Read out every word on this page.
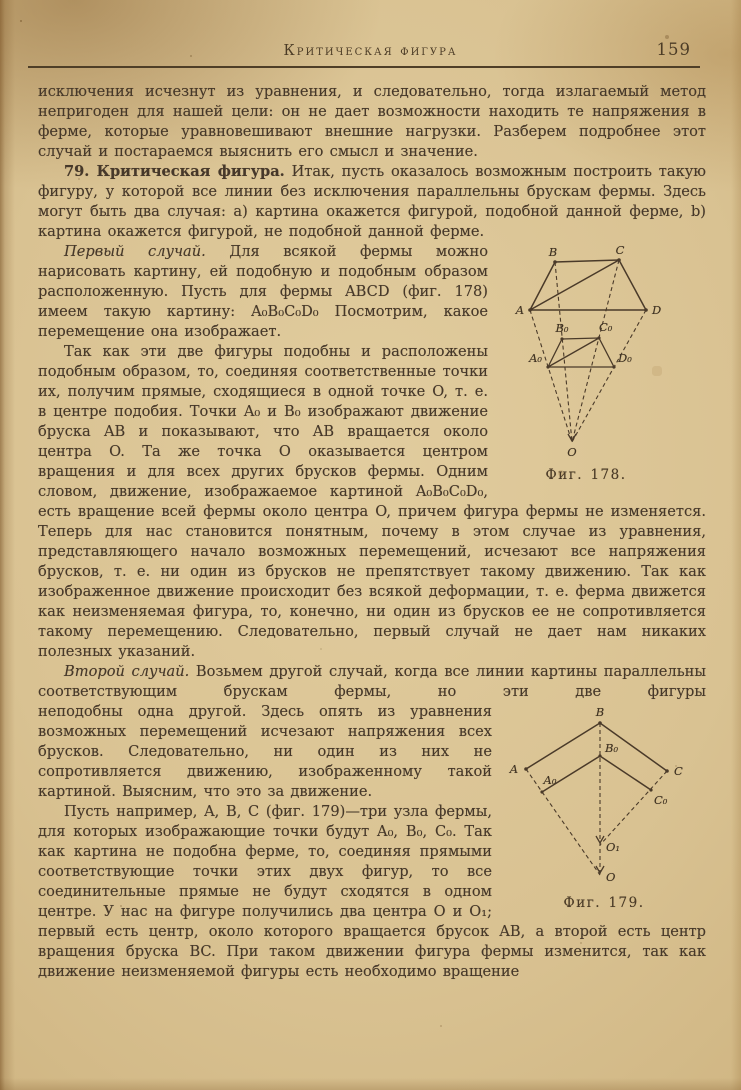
Критическая фигура	159

исключения исчезнут из уравнения, и следовательно, тогда излагаемый метод непригоден для нашей цели: он не дает возможности находить те напряжения в ферме, которые уравновешивают внешние нагрузки. Разберем подробнее этот случай и постараемся выяснить его смысл и значение.

79. Критическая фигура. Итак, пусть оказалось возможным построить такую фигуру, у которой все линии без исключения параллельны брускам фермы. Здесь могут быть два случая: a) картина окажется фигурой, подобной данной ферме, b) картина окажется фигурой, не подобной данной ферме.

A
B	C
D
A₀
B₀	C₀
D₀
O
Фиг. 178.

Первый случай. Для всякой фермы можно нарисовать картину, ей подобную и подобным образом расположенную. Пусть для фермы ABCD (фиг. 178) имеем такую картину: A₀B₀C₀D₀ Посмотрим, какое перемещение она изображает.

Так как эти две фигуры подобны и расположены подобным образом, то, соединяя соответственные точки их, получим прямые, сходящиеся в одной точке O, т. е. в центре подобия. Точки A₀ и B₀ изображают движение бруска AB и показывают, что AB вращается около центра O. Та же точка O оказывается центром вращения и для всех других брусков фермы. Одним словом, движение, изображаемое картиной A₀B₀C₀D₀, есть вращение всей фермы около центра O, причем фигура фермы не изменяется. Теперь для нас становится понятным, почему в этом случае из уравнения, представляющего начало возможных перемещений, исчезают все напряжения брусков, т. е. ни один из брусков не препятствует такому движению. Так как изображенное движение происходит без всякой деформации, т. е. ферма движется как неизменяемая фигура, то, конечно, ни один из брусков ее не сопротивляется такому перемещению. Следовательно, первый случай не дает нам никаких полезных указаний.

Второй случай. Возьмем другой случай, когда все линии картины параллельны соответствующим брускам фермы, но эти две фигуры не	B
A	C
B₀
A₀
C₀
O₁
O
Фиг. 179.
подобны одна другой. Здесь опять из уравнения возможных перемещений исчезают напряжения всех брусков. Следовательно, ни один из них не сопротивляется движению, изображенному такой картиной. Выясним, что это за движение.

Пусть например, A, B, C (фиг. 179)—три узла фермы, для которых изображающие точки будут A₀, B₀, C₀. Так как картина не подобна ферме, то, соединяя прямыми соответствующие точки этих двух фигур, то все соединительные прямые не будут сходятся в одном центре. У нас на фигуре получились два центра O и O₁; первый есть центр, около которого вращается брусок AB, а второй есть центр вращения бруска BC. При таком движении фигура фермы изменится, так как движение неизменяемой фигуры есть необходимо вращение
